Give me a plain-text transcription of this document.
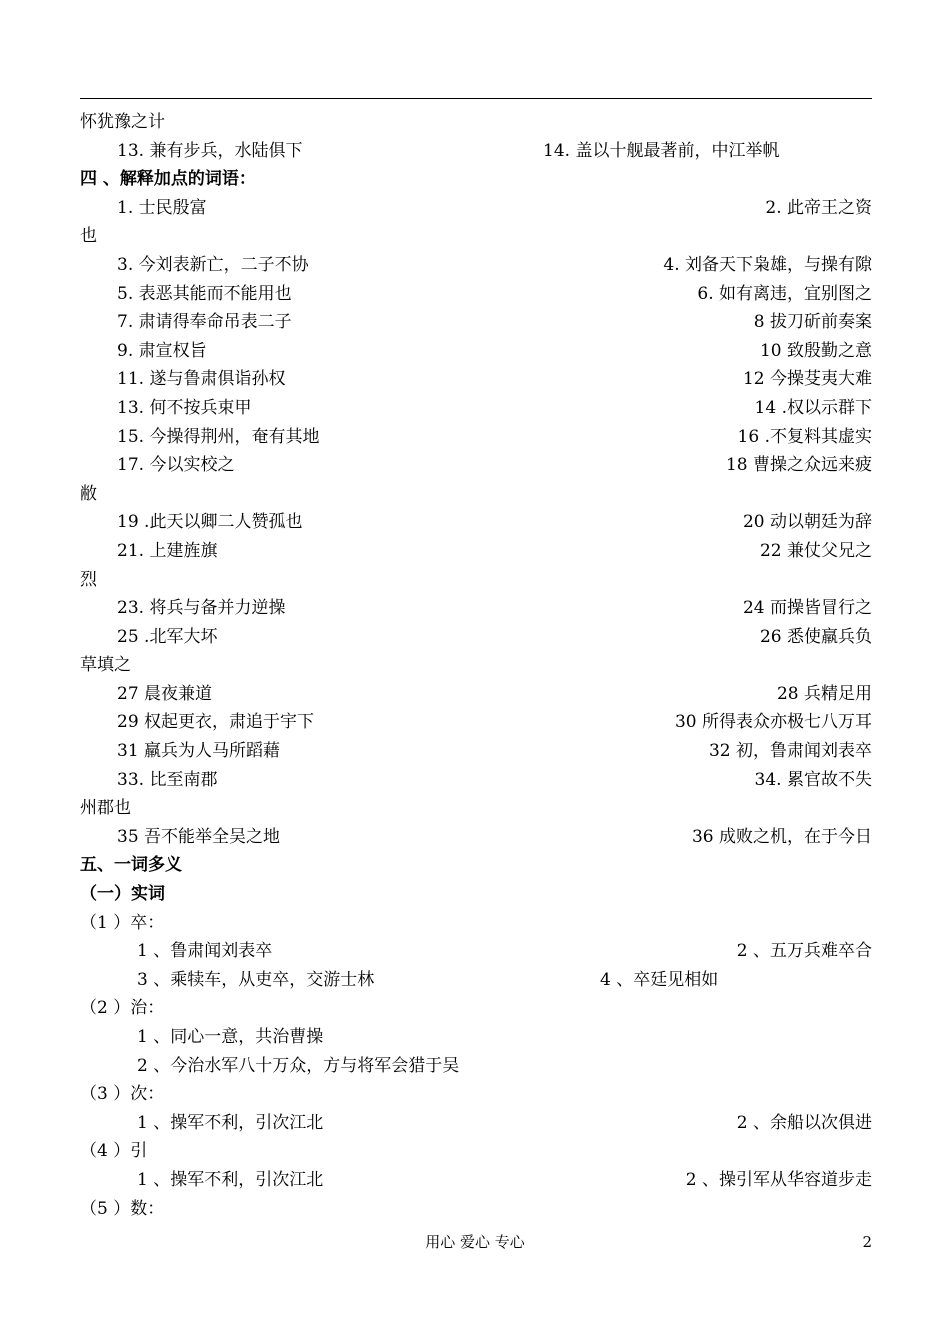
怀犹豫之计
13. 兼有步兵，水陆俱下	14. 盖以十舰最著前，中江举帆
四 、解释加点的词语：
1. 士民殷富	2. 此帝王之资
也
3. 今刘表新亡，二子不协	4. 刘备天下枭雄，与操有隙
5. 表恶其能而不能用也	6. 如有离违，宜别图之
7. 肃请得奉命吊表二子	8 拔刀斫前奏案
9. 肃宣权旨	10 致殷勤之意
11. 遂与鲁肃俱诣孙权	12 今操芟夷大难
13. 何不按兵束甲	14 .权以示群下
15. 今操得荆州，奄有其地	16 .不复料其虚实
17. 今以实校之	18 曹操之众远来疲
敝
19 .此天以卿二人赞孤也	20 动以朝廷为辞
21. 上建旌旗	22 兼仗父兄之
烈
23. 将兵与备并力逆操	24 而操皆冒行之
25 .北军大坏	26 悉使羸兵负
草填之
27 晨夜兼道	28 兵精足用
29 权起更衣，肃追于宇下	30 所得表众亦极七八万耳
31 羸兵为人马所蹈藉	32 初，鲁肃闻刘表卒
33. 比至南郡	34. 累官故不失
州郡也
35 吾不能举全吴之地	36 成败之机，在于今日
五、一词多义
（一）实词
（1 ）卒：
1 、鲁肃闻刘表卒	2 、五万兵难卒合
3 、乘犊车，从吏卒，交游士林	4 、卒廷见相如
（2 ）治：
1 、同心一意，共治曹操
2 、今治水军八十万众，方与将军会猎于吴
（3 ）次：
1 、操军不利，引次江北	2 、余船以次俱进
（4 ）引
1 、操军不利，引次江北	2 、操引军从华容道步走
（5 ）数：
用心 爱心 专心	2
